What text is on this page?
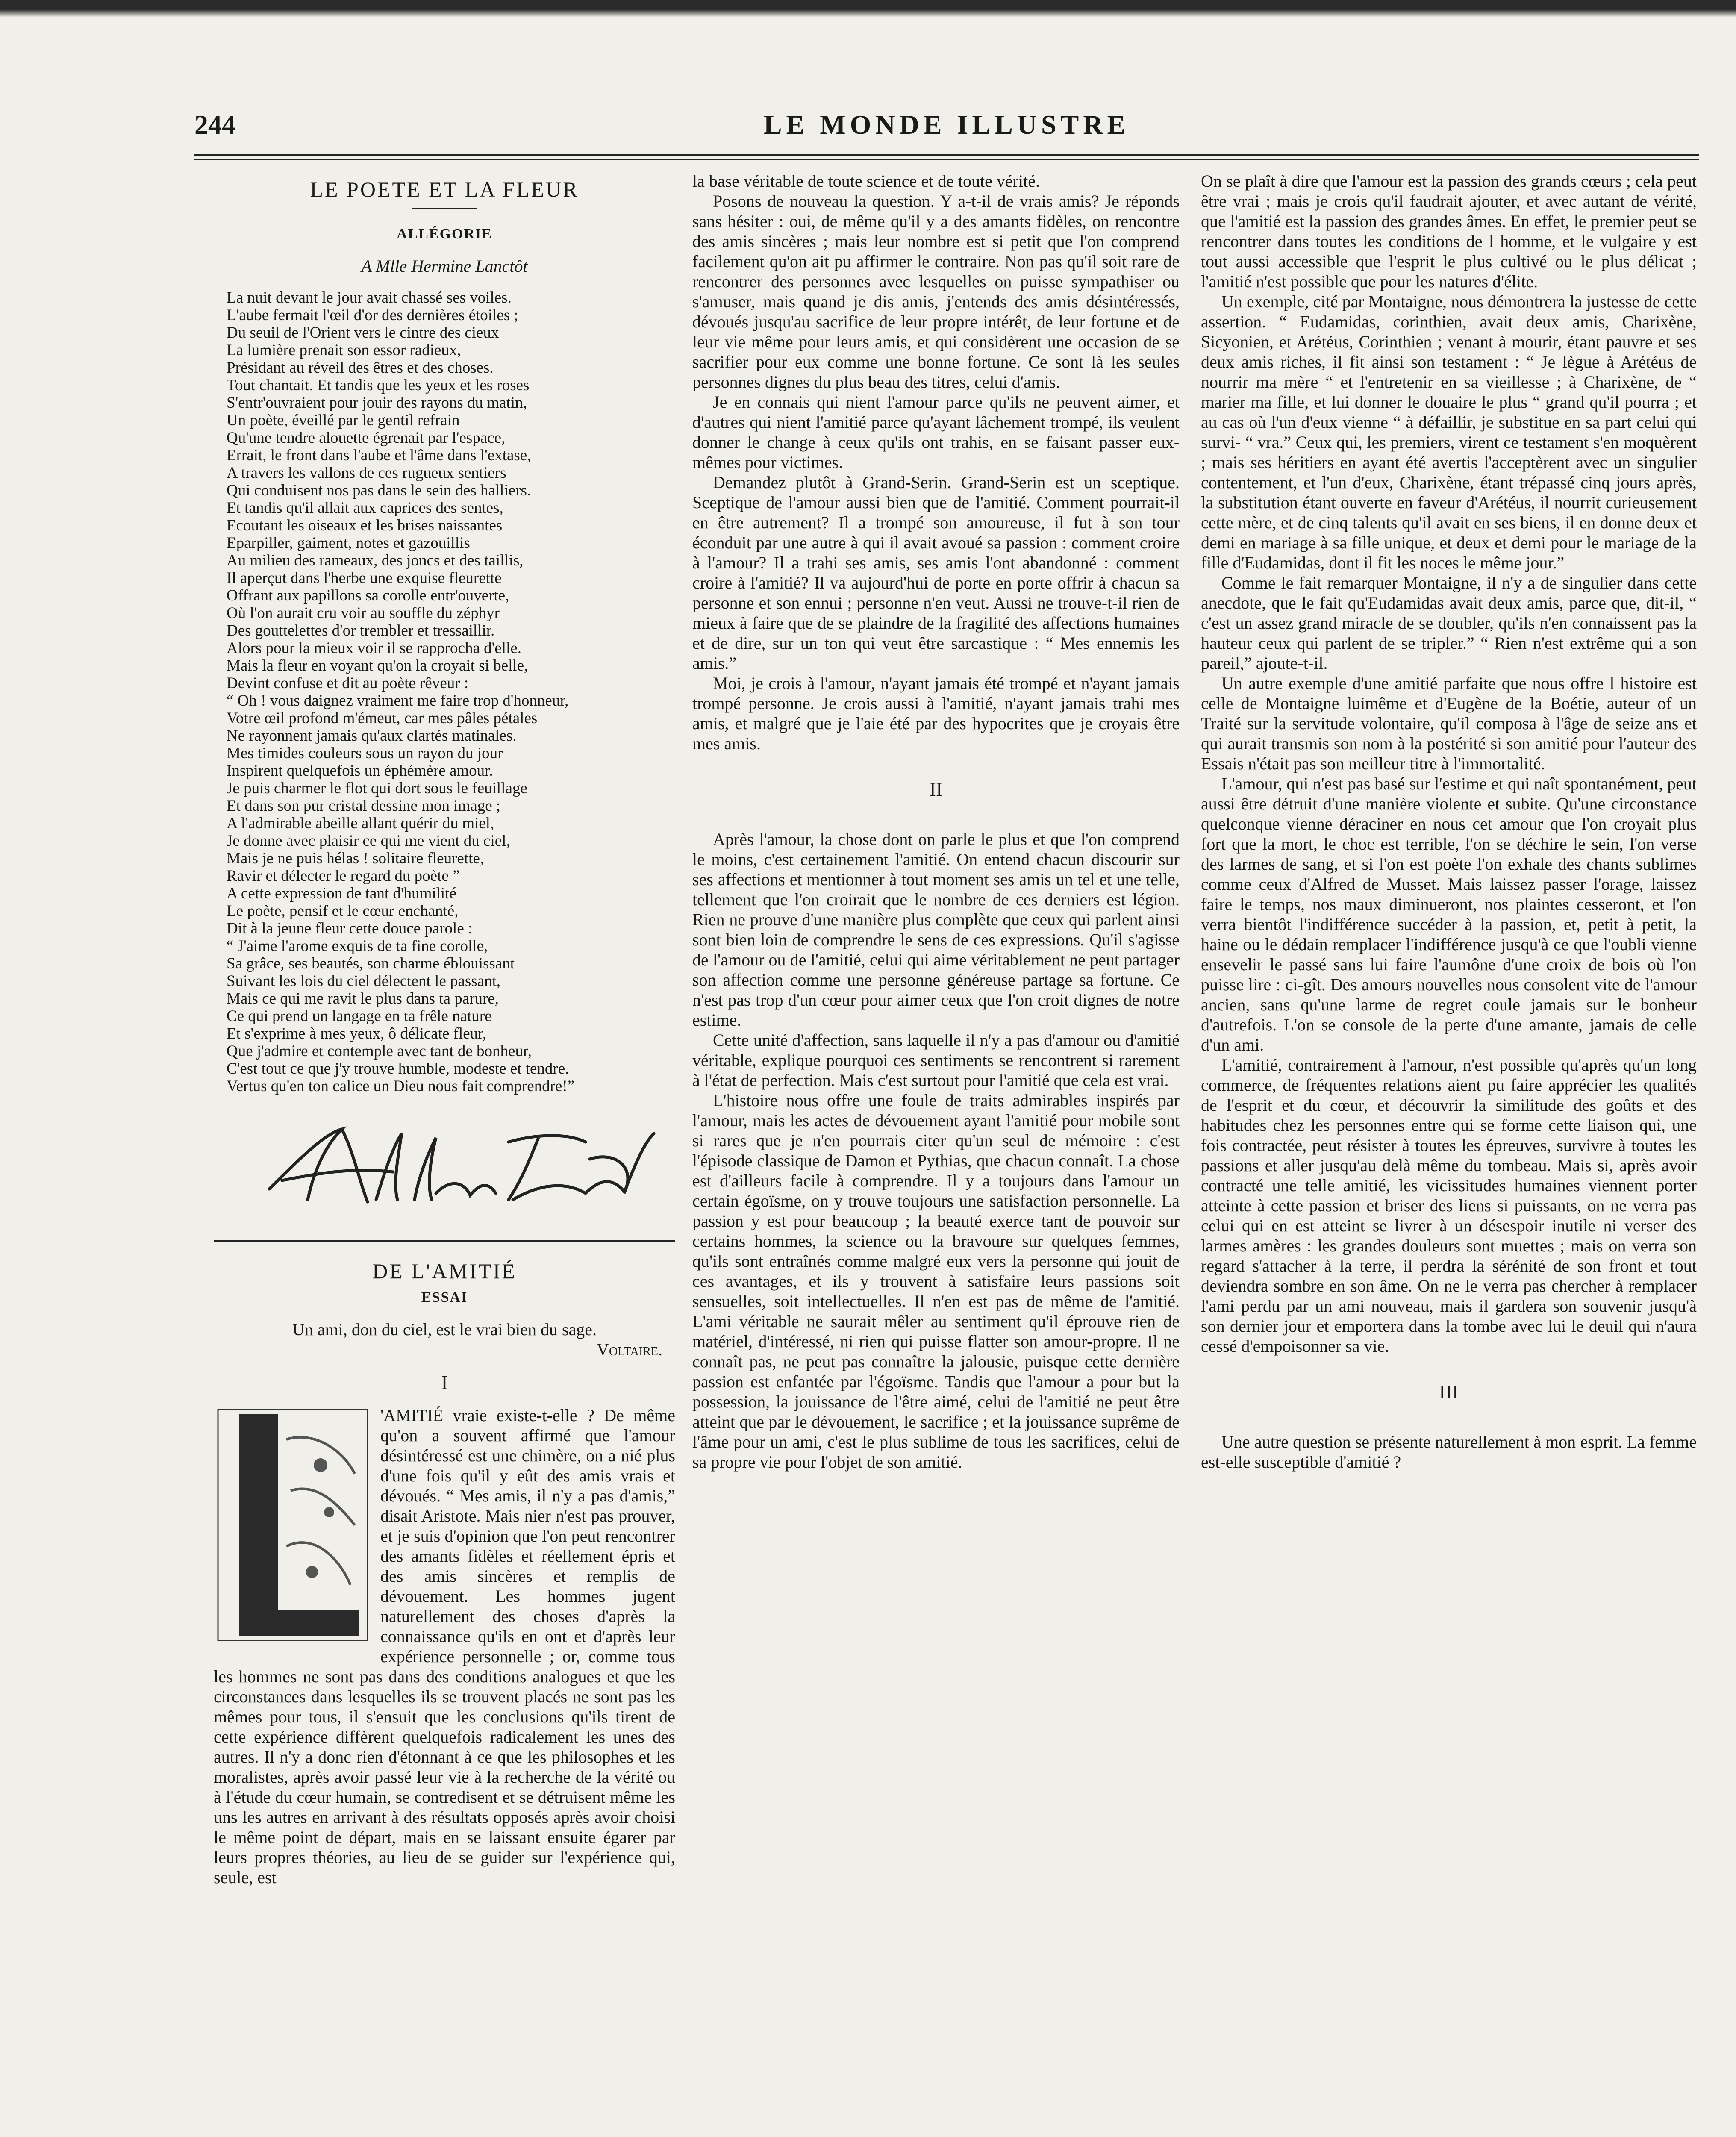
244	LE MONDE ILLUSTRE
LE POETE ET LA FLEUR
ALLÉGORIE
A Mlle Hermine Lanctôt
La nuit devant le jour avait chassé ses voiles.
L'aube fermait l'œil d'or des dernières étoiles ;
Du seuil de l'Orient vers le cintre des cieux
La lumière prenait son essor radieux,
Présidant au réveil des êtres et des choses.
Tout chantait. Et tandis que les yeux et les roses
S'entr'ouvraient pour jouir des rayons du matin,
Un poète, éveillé par le gentil refrain
Qu'une tendre alouette égrenait par l'espace,
Errait, le front dans l'aube et l'âme dans l'extase,
A travers les vallons de ces rugueux sentiers
Qui conduisent nos pas dans le sein des halliers.
Et tandis qu'il allait aux caprices des sentes,
Ecoutant les oiseaux et les brises naissantes
Eparpiller, gaiment, notes et gazouillis
Au milieu des rameaux, des joncs et des taillis,
Il aperçut dans l'herbe une exquise fleurette
Offrant aux papillons sa corolle entr'ouverte,
Où l'on aurait cru voir au souffle du zéphyr
Des gouttelettes d'or trembler et tressaillir.
Alors pour la mieux voir il se rapprocha d'elle.
Mais la fleur en voyant qu'on la croyait si belle,
Devint confuse et dit au poète rêveur :
“ Oh ! vous daignez vraiment me faire trop d'honneur,
Votre œil profond m'émeut, car mes pâles pétales
Ne rayonnent jamais qu'aux clartés matinales.
Mes timides couleurs sous un rayon du jour
Inspirent quelquefois un éphémère amour.
Je puis charmer le flot qui dort sous le feuillage
Et dans son pur cristal dessine mon image ;
A l'admirable abeille allant quérir du miel,
Je donne avec plaisir ce qui me vient du ciel,
Mais je ne puis hélas ! solitaire fleurette,
Ravir et délecter le regard du poète ”
A cette expression de tant d'humilité
Le poète, pensif et le cœur enchanté,
Dit à la jeune fleur cette douce parole :
“ J'aime l'arome exquis de ta fine corolle,
Sa grâce, ses beautés, son charme éblouissant
Suivant les lois du ciel délectent le passant,
Mais ce qui me ravit le plus dans ta parure,
Ce qui prend un langage en ta frêle nature
Et s'exprime à mes yeux, ô délicate fleur,
Que j'admire et contemple avec tant de bonheur,
C'est tout ce que j'y trouve humble, modeste et tendre.
Vertus qu'en ton calice un Dieu nous fait comprendre!”
DE L'AMITIÉ
ESSAI
Un ami, don du ciel, est le vrai bien du sage.
Voltaire.
I

'AMITIÉ vraie existe-t-elle ? De même qu'on a souvent affirmé que l'amour désintéressé est une chimère, on a nié plus d'une fois qu'il y eût des amis vrais et dévoués. “ Mes amis, il n'y a pas d'amis,” disait Aristote. Mais nier n'est pas prouver, et je suis d'opinion que l'on peut rencontrer des amants fidèles et réellement épris et des amis sincères et remplis de dévouement. Les hommes jugent naturellement des choses d'après la connaissance qu'ils en ont et d'après leur expérience personnelle ; or, comme tous les hommes ne sont pas dans des conditions analogues et que les circonstances dans lesquelles ils se trouvent placés ne sont pas les mêmes pour tous, il s'ensuit que les conclusions qu'ils tirent de cette expérience diffèrent quelquefois radicalement les unes des autres. Il n'y a donc rien d'étonnant à ce que les philosophes et les moralistes, après avoir passé leur vie à la recherche de la vérité ou à l'étude du cœur humain, se contredisent et se détruisent même les uns les autres en arrivant à des résultats opposés après avoir choisi le même point de départ, mais en se laissant ensuite égarer par leurs propres théories, au lieu de se guider sur l'expérience qui, seule, est

la base véritable de toute science et de toute vérité.

Posons de nouveau la question. Y a-t-il de vrais amis? Je réponds sans hésiter : oui, de même qu'il y a des amants fidèles, on rencontre des amis sincères ; mais leur nombre est si petit que l'on comprend facilement qu'on ait pu affirmer le contraire. Non pas qu'il soit rare de rencontrer des personnes avec lesquelles on puisse sympathiser ou s'amuser, mais quand je dis amis, j'entends des amis désintéressés, dévoués jusqu'au sacrifice de leur propre intérêt, de leur fortune et de leur vie même pour leurs amis, et qui considèrent une occasion de se sacrifier pour eux comme une bonne fortune. Ce sont là les seules personnes dignes du plus beau des titres, celui d'amis.

Je en connais qui nient l'amour parce qu'ils ne peuvent aimer, et d'autres qui nient l'amitié parce qu'ayant lâchement trompé, ils veulent donner le change à ceux qu'ils ont trahis, en se faisant passer eux-mêmes pour victimes.

Demandez plutôt à Grand-Serin. Grand-Serin est un sceptique. Sceptique de l'amour aussi bien que de l'amitié. Comment pourrait-il en être autrement? Il a trompé son amoureuse, il fut à son tour éconduit par une autre à qui il avait avoué sa passion : comment croire à l'amour? Il a trahi ses amis, ses amis l'ont abandonné : comment croire à l'amitié? Il va aujourd'hui de porte en porte offrir à chacun sa personne et son ennui ; personne n'en veut. Aussi ne trouve-t-il rien de mieux à faire que de se plaindre de la fragilité des affections humaines et de dire, sur un ton qui veut être sarcastique : “ Mes ennemis les amis.”

Moi, je crois à l'amour, n'ayant jamais été trompé et n'ayant jamais trompé personne. Je crois aussi à l'amitié, n'ayant jamais trahi mes amis, et malgré que je l'aie été par des hypocrites que je croyais être mes amis.

II

Après l'amour, la chose dont on parle le plus et que l'on comprend le moins, c'est certainement l'amitié. On entend chacun discourir sur ses affections et mentionner à tout moment ses amis un tel et une telle, tellement que l'on croirait que le nombre de ces derniers est légion. Rien ne prouve d'une manière plus complète que ceux qui parlent ainsi sont bien loin de comprendre le sens de ces expressions. Qu'il s'agisse de l'amour ou de l'amitié, celui qui aime véritablement ne peut partager son affection comme une personne généreuse partage sa fortune. Ce n'est pas trop d'un cœur pour aimer ceux que l'on croit dignes de notre estime.

Cette unité d'affection, sans laquelle il n'y a pas d'amour ou d'amitié véritable, explique pourquoi ces sentiments se rencontrent si rarement à l'état de perfection. Mais c'est surtout pour l'amitié que cela est vrai.

L'histoire nous offre une foule de traits admirables inspirés par l'amour, mais les actes de dévouement ayant l'amitié pour mobile sont si rares que je n'en pourrais citer qu'un seul de mémoire : c'est l'épisode classique de Damon et Pythias, que chacun connaît. La chose est d'ailleurs facile à comprendre. Il y a toujours dans l'amour un certain égoïsme, on y trouve toujours une satisfaction personnelle. La passion y est pour beaucoup ; la beauté exerce tant de pouvoir sur certains hommes, la science ou la bravoure sur quelques femmes, qu'ils sont entraînés comme malgré eux vers la personne qui jouit de ces avantages, et ils y trouvent à satisfaire leurs passions soit sensuelles, soit intellectuelles. Il n'en est pas de même de l'amitié. L'ami véritable ne saurait mêler au sentiment qu'il éprouve rien de matériel, d'intéressé, ni rien qui puisse flatter son amour-propre. Il ne connaît pas, ne peut pas connaître la jalousie, puisque cette dernière passion est enfantée par l'égoïsme. Tandis que l'amour a pour but la possession, la jouissance de l'être aimé, celui de l'amitié ne peut être atteint que par le dévouement, le sacrifice ; et la jouissance suprême de l'âme pour un ami, c'est le plus sublime de tous les sacrifices, celui de sa propre vie pour l'objet de son amitié.

On se plaît à dire que l'amour est la passion des grands cœurs ; cela peut être vrai ; mais je crois qu'il faudrait ajouter, et avec autant de vérité, que l'amitié est la passion des grandes âmes. En effet, le premier peut se rencontrer dans toutes les conditions de l homme, et le vulgaire y est tout aussi accessible que l'esprit le plus cultivé ou le plus délicat ; l'amitié n'est possible que pour les natures d'élite.

Un exemple, cité par Montaigne, nous démontrera la justesse de cette assertion. “ Eudamidas, corinthien, avait deux amis, Charixène, Sicyonien, et Arétéus, Corinthien ; venant à mourir, étant pauvre et ses deux amis riches, il fit ainsi son testament : “ Je lègue à Arétéus de nourrir ma mère “ et l'entretenir en sa vieillesse ; à Charixène, de “ marier ma fille, et lui donner le douaire le plus “ grand qu'il pourra ; et au cas où l'un d'eux vienne “ à défaillir, je substitue en sa part celui qui survi- “ vra.” Ceux qui, les premiers, virent ce testament s'en moquèrent ; mais ses héritiers en ayant été avertis l'acceptèrent avec un singulier contentement, et l'un d'eux, Charixène, étant trépassé cinq jours après, la substitution étant ouverte en faveur d'Arétéus, il nourrit curieusement cette mère, et de cinq talents qu'il avait en ses biens, il en donne deux et demi en mariage à sa fille unique, et deux et demi pour le mariage de la fille d'Eudamidas, dont il fit les noces le même jour.”

Comme le fait remarquer Montaigne, il n'y a de singulier dans cette anecdote, que le fait qu'Eudamidas avait deux amis, parce que, dit-il, “ c'est un assez grand miracle de se doubler, qu'ils n'en connaissent pas la hauteur ceux qui parlent de se tripler.” “ Rien n'est extrême qui a son pareil,” ajoute-t-il.

Un autre exemple d'une amitié parfaite que nous offre l histoire est celle de Montaigne luimême et d'Eugène de la Boétie, auteur of un Traité sur la servitude volontaire, qu'il composa à l'âge de seize ans et qui aurait transmis son nom à la postérité si son amitié pour l'auteur des Essais n'était pas son meilleur titre à l'immortalité.

L'amour, qui n'est pas basé sur l'estime et qui naît spontanément, peut aussi être détruit d'une manière violente et subite. Qu'une circonstance quelconque vienne déraciner en nous cet amour que l'on croyait plus fort que la mort, le choc est terrible, l'on se déchire le sein, l'on verse des larmes de sang, et si l'on est poète l'on exhale des chants sublimes comme ceux d'Alfred de Musset. Mais laissez passer l'orage, laissez faire le temps, nos maux diminueront, nos plaintes cesseront, et l'on verra bientôt l'indifférence succéder à la passion, et, petit à petit, la haine ou le dédain remplacer l'indifférence jusqu'à ce que l'oubli vienne ensevelir le passé sans lui faire l'aumône d'une croix de bois où l'on puisse lire : ci-gît. Des amours nouvelles nous consolent vite de l'amour ancien, sans qu'une larme de regret coule jamais sur le bonheur d'autrefois. L'on se console de la perte d'une amante, jamais de celle d'un ami.

L'amitié, contrairement à l'amour, n'est possible qu'après qu'un long commerce, de fréquentes relations aient pu faire apprécier les qualités de l'esprit et du cœur, et découvrir la similitude des goûts et des habitudes chez les personnes entre qui se forme cette liaison qui, une fois contractée, peut résister à toutes les épreuves, survivre à toutes les passions et aller jusqu'au delà même du tombeau. Mais si, après avoir contracté une telle amitié, les vicissitudes humaines viennent porter atteinte à cette passion et briser des liens si puissants, on ne verra pas celui qui en est atteint se livrer à un désespoir inutile ni verser des larmes amères : les grandes douleurs sont muettes ; mais on verra son regard s'attacher à la terre, il perdra la sérénité de son front et tout deviendra sombre en son âme. On ne le verra pas chercher à remplacer l'ami perdu par un ami nouveau, mais il gardera son souvenir jusqu'à son dernier jour et emportera dans la tombe avec lui le deuil qui n'aura cessé d'empoisonner sa vie.

III

Une autre question se présente naturellement à mon esprit. La femme est-elle susceptible d'amitié ?
